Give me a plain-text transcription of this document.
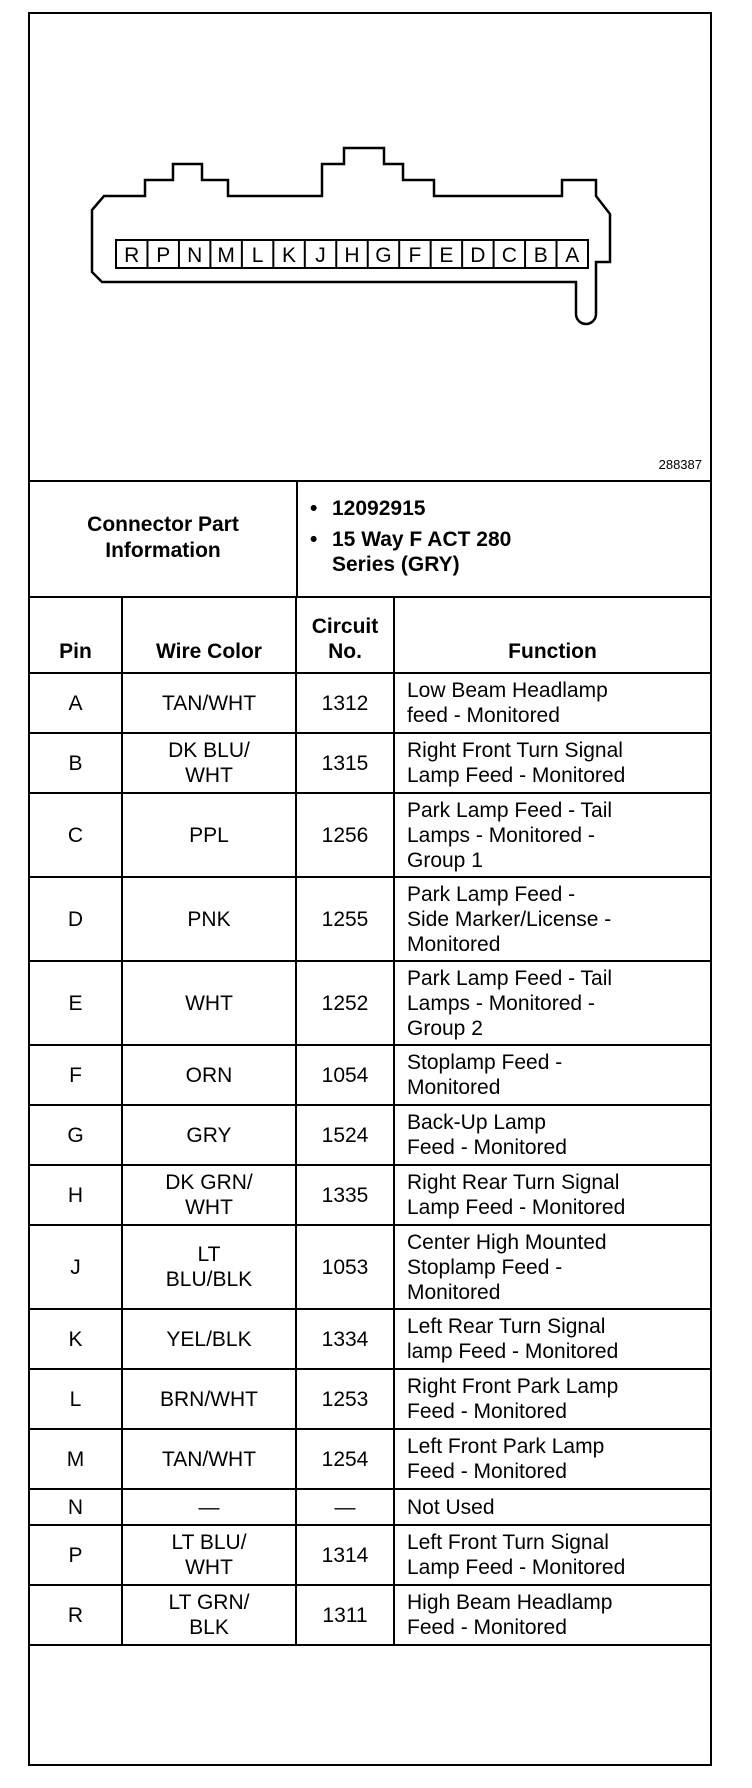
R P N M L K J H G F E D C B A
288387
Connector Part
Information
• 12092915
• 15 Way F ACT 280
Series (GRY)
Pin	Wire Color	Circuit
No.	Function
A	TAN/WHT	1312	Low Beam Headlamp
feed - Monitored
B	DK BLU/
WHT	1315	Right Front Turn Signal
Lamp Feed - Monitored
C	PPL	1256	Park Lamp Feed - Tail
Lamps - Monitored -
Group 1
D	PNK	1255	Park Lamp Feed -
Side Marker/License -
Monitored
E	WHT	1252	Park Lamp Feed - Tail
Lamps - Monitored -
Group 2
F	ORN	1054	Stoplamp Feed -
Monitored
G	GRY	1524	Back-Up Lamp
Feed - Monitored
H	DK GRN/
WHT	1335	Right Rear Turn Signal
Lamp Feed - Monitored
J	LT
BLU/BLK	1053	Center High Mounted
Stoplamp Feed -
Monitored
K	YEL/BLK	1334	Left Rear Turn Signal
lamp Feed - Monitored
L	BRN/WHT	1253	Right Front Park Lamp
Feed - Monitored
M	TAN/WHT	1254	Left Front Park Lamp
Feed - Monitored
N	—	—	Not Used
P	LT BLU/
WHT	1314	Left Front Turn Signal
Lamp Feed - Monitored
R	LT GRN/
BLK	1311	High Beam Headlamp
Feed - Monitored
